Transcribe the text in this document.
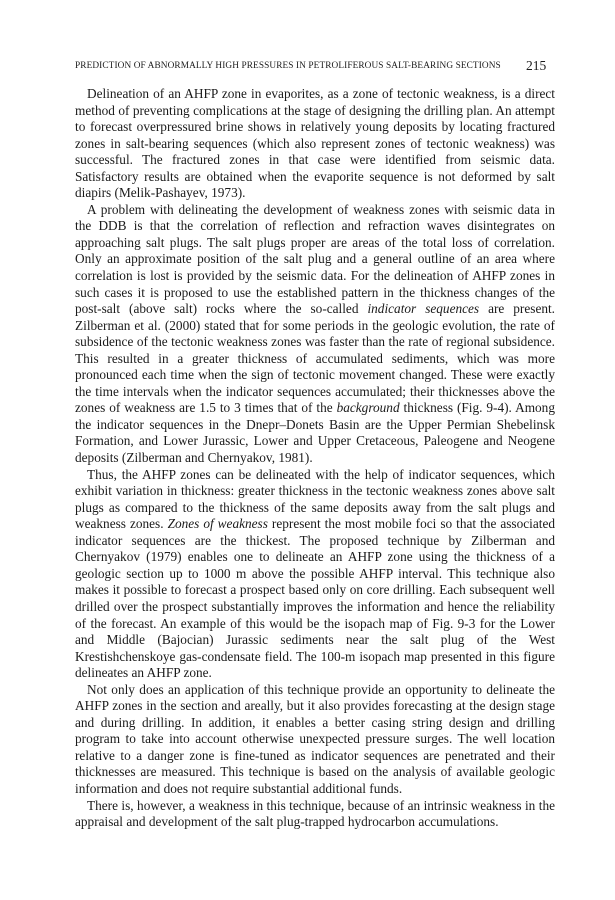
PREDICTION OF ABNORMALLY HIGH PRESSURES IN PETROLIFEROUS SALT-BEARING SECTIONS	215

Delineation of an AHFP zone in evaporites, as a zone of tectonic weakness, is a direct method of preventing complications at the stage of designing the drilling plan. An attempt to forecast overpressured brine shows in relatively young deposits by locating fractured zones in salt-bearing sequences (which also represent zones of tectonic weakness) was successful. The fractured zones in that case were identified from seismic data. Satisfactory results are obtained when the evaporite sequence is not deformed by salt diapirs (Melik-Pashayev, 1973).

A problem with delineating the development of weakness zones with seismic data in the DDB is that the correlation of reflection and refraction waves disintegrates on approaching salt plugs. The salt plugs proper are areas of the total loss of correlation. Only an approximate position of the salt plug and a general outline of an area where correlation is lost is provided by the seismic data. For the delineation of AHFP zones in such cases it is proposed to use the established pattern in the thickness changes of the post-salt (above salt) rocks where the so-called indicator sequences are present. Zilberman et al. (2000) stated that for some periods in the geologic evolution, the rate of subsidence of the tectonic weakness zones was faster than the rate of regional subsidence. This resulted in a greater thickness of accumulated sediments, which was more pronounced each time when the sign of tectonic movement changed. These were exactly the time intervals when the indicator sequences accumulated; their thicknesses above the zones of weakness are 1.5 to 3 times that of the background thickness (Fig. 9-4). Among the indicator sequences in the Dnepr–Donets Basin are the Upper Permian Shebelinsk Formation, and Lower Jurassic, Lower and Upper Cretaceous, Paleogene and Neogene deposits (Zilberman and Chernyakov, 1981).

Thus, the AHFP zones can be delineated with the help of indicator sequences, which exhibit variation in thickness: greater thickness in the tectonic weakness zones above salt plugs as compared to the thickness of the same deposits away from the salt plugs and weakness zones. Zones of weakness represent the most mobile foci so that the associated indicator sequences are the thickest. The proposed technique by Zilberman and Chernyakov (1979) enables one to delineate an AHFP zone using the thickness of a geologic section up to 1000 m above the possible AHFP interval. This technique also makes it possible to forecast a prospect based only on core drilling. Each subsequent well drilled over the prospect substantially improves the information and hence the reliability of the forecast. An example of this would be the isopach map of Fig. 9-3 for the Lower and Middle (Bajocian) Jurassic sediments near the salt plug of the West Krestishchenskoye gas-condensate field. The 100-m isopach map presented in this figure delineates an AHFP zone.

Not only does an application of this technique provide an opportunity to delineate the AHFP zones in the section and areally, but it also provides forecasting at the design stage and during drilling. In addition, it enables a better casing string design and drilling program to take into account otherwise unexpected pressure surges. The well location relative to a danger zone is fine-tuned as indicator sequences are penetrated and their thicknesses are measured. This technique is based on the analysis of available geologic information and does not require substantial additional funds.

There is, however, a weakness in this technique, because of an intrinsic weakness in the appraisal and development of the salt plug-trapped hydrocarbon accumulations.
